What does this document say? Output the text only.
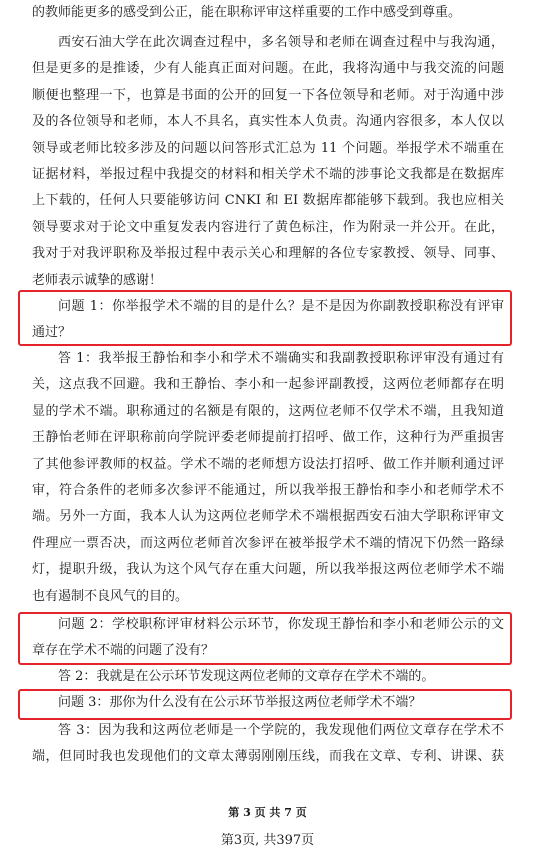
的教师能更多的感受到公正，能在职称评审这样重要的工作中感受到尊重。
西安石油大学在此次调查过程中，多名领导和老师在调查过程中与我沟通，
但是更多的是推诿，少有人能真正面对问题。在此，我将沟通中与我交流的问题
顺便也整理一下，也算是书面的公开的回复一下各位领导和老师。对于沟通中涉
及的各位领导和老师，本人不具名，真实性本人负责。沟通内容很多，本人仅以
领导或老师比较多涉及的问题以问答形式汇总为 11 个问题。举报学术不端重在
证据材料，举报过程中我提交的材料和相关学术不端的涉事论文我都是在数据库
上下载的，任何人只要能够访问 CNKI 和 EI 数据库都能够下载到。我也应相关
领导要求对于论文中重复发表内容进行了黄色标注，作为附录一并公开。在此，
我对于对我评职称及举报过程中表示关心和理解的各位专家教授、领导、同事、
老师表示诚挚的感谢！
问题 1：你举报学术不端的目的是什么？是不是因为你副教授职称没有评审
通过？
答 1：我举报王静怡和李小和学术不端确实和我副教授职称评审没有通过有
关，这点我不回避。我和王静怡、李小和一起参评副教授，这两位老师都存在明
显的学术不端。职称通过的名额是有限的，这两位老师不仅学术不端，且我知道
王静怡老师在评职称前向学院评委老师提前打招呼、做工作，这种行为严重损害
了其他参评教师的权益。学术不端的老师想方设法打招呼、做工作并顺利通过评
审，符合条件的老师多次参评不能通过，所以我举报王静怡和李小和老师学术不
端。另外一方面，我本人认为这两位老师学术不端根据西安石油大学职称评审文
件理应一票否决，而这两位老师首次参评在被举报学术不端的情况下仍然一路绿
灯，提职升级，我认为这个风气存在重大问题，所以我举报这两位老师学术不端
也有遏制不良风气的目的。
问题 2：学校职称评审材料公示环节，你发现王静怡和李小和老师公示的文
章存在学术不端的问题了没有？
答 2：我就是在公示环节发现这两位老师的文章存在学术不端的。
问题 3：那你为什么没有在公示环节举报这两位老师学术不端？
答 3：因为我和这两位老师是一个学院的，我发现他们两位文章存在学术不
端，但同时我也发现他们的文章太薄弱刚刚压线，而我在文章、专利、讲课、获
第 3 页 共 7 页
第3页, 共397页
